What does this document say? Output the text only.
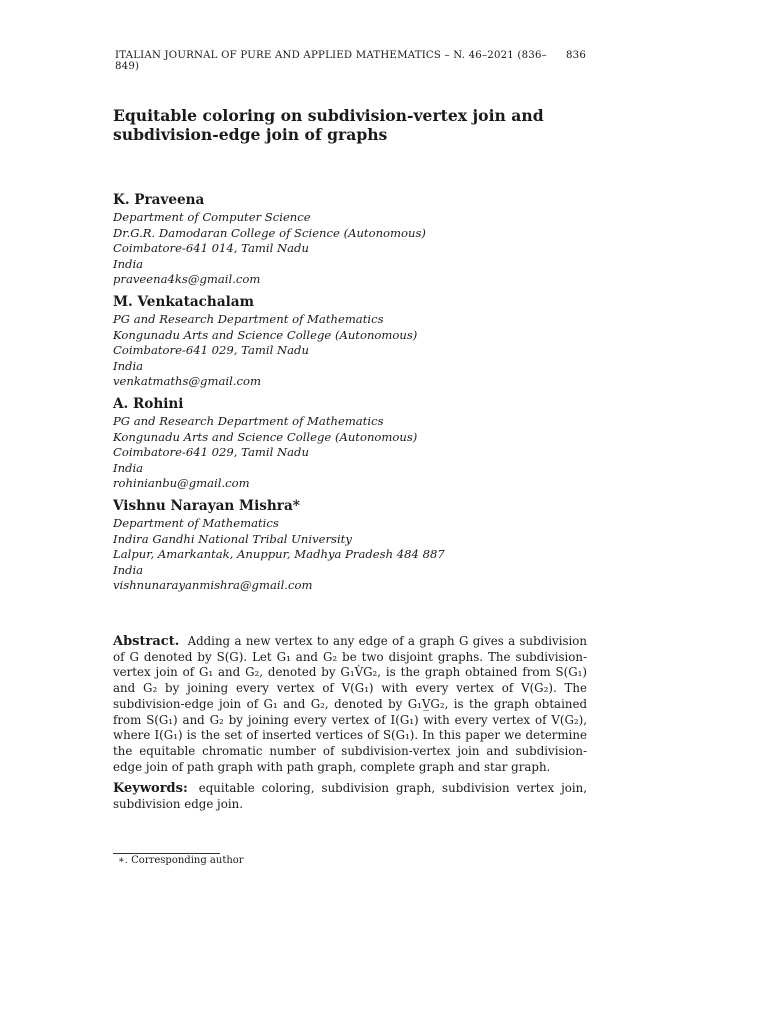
ITALIAN JOURNAL OF PURE AND APPLIED MATHEMATICS – N. 46–2021 (836–849)
836
Equitable coloring on subdivision-vertex join and
subdivision-edge join of graphs
K. Praveena
Department of Computer Science
Dr.G.R. Damodaran College of Science (Autonomous)
Coimbatore-641 014, Tamil Nadu
India
praveena4ks@gmail.com
M. Venkatachalam
PG and Research Department of Mathematics
Kongunadu Arts and Science College (Autonomous)
Coimbatore-641 029, Tamil Nadu
India
venkatmaths@gmail.com
A. Rohini
PG and Research Department of Mathematics
Kongunadu Arts and Science College (Autonomous)
Coimbatore-641 029, Tamil Nadu
India
rohinianbu@gmail.com
Vishnu Narayan Mishra*
Department of Mathematics
Indira Gandhi National Tribal University
Lalpur, Amarkantak, Anuppur, Madhya Pradesh 484 887
India
vishnunarayanmishra@gmail.com

Abstract. Adding a new vertex to any edge of a graph G gives a subdivision of G denoted by S(G). Let G₁ and G₂ be two disjoint graphs. The subdivision-vertex join of G₁ and G₂, denoted by G₁V̇G₂, is the graph obtained from S(G₁) and G₂ by joining every vertex of V(G₁) with every vertex of V(G₂). The subdivision-edge join of G₁ and G₂, denoted by G₁V̲G₂, is the graph obtained from S(G₁) and G₂ by joining every vertex of I(G₁) with every vertex of V(G₂), where I(G₁) is the set of inserted vertices of S(G₁). In this paper we determine the equitable chromatic number of subdivision-vertex join and subdivision-edge join of path graph with path graph, complete graph and star graph.

Keywords: equitable coloring, subdivision graph, subdivision vertex join, subdivision edge join.

∗. Corresponding author
